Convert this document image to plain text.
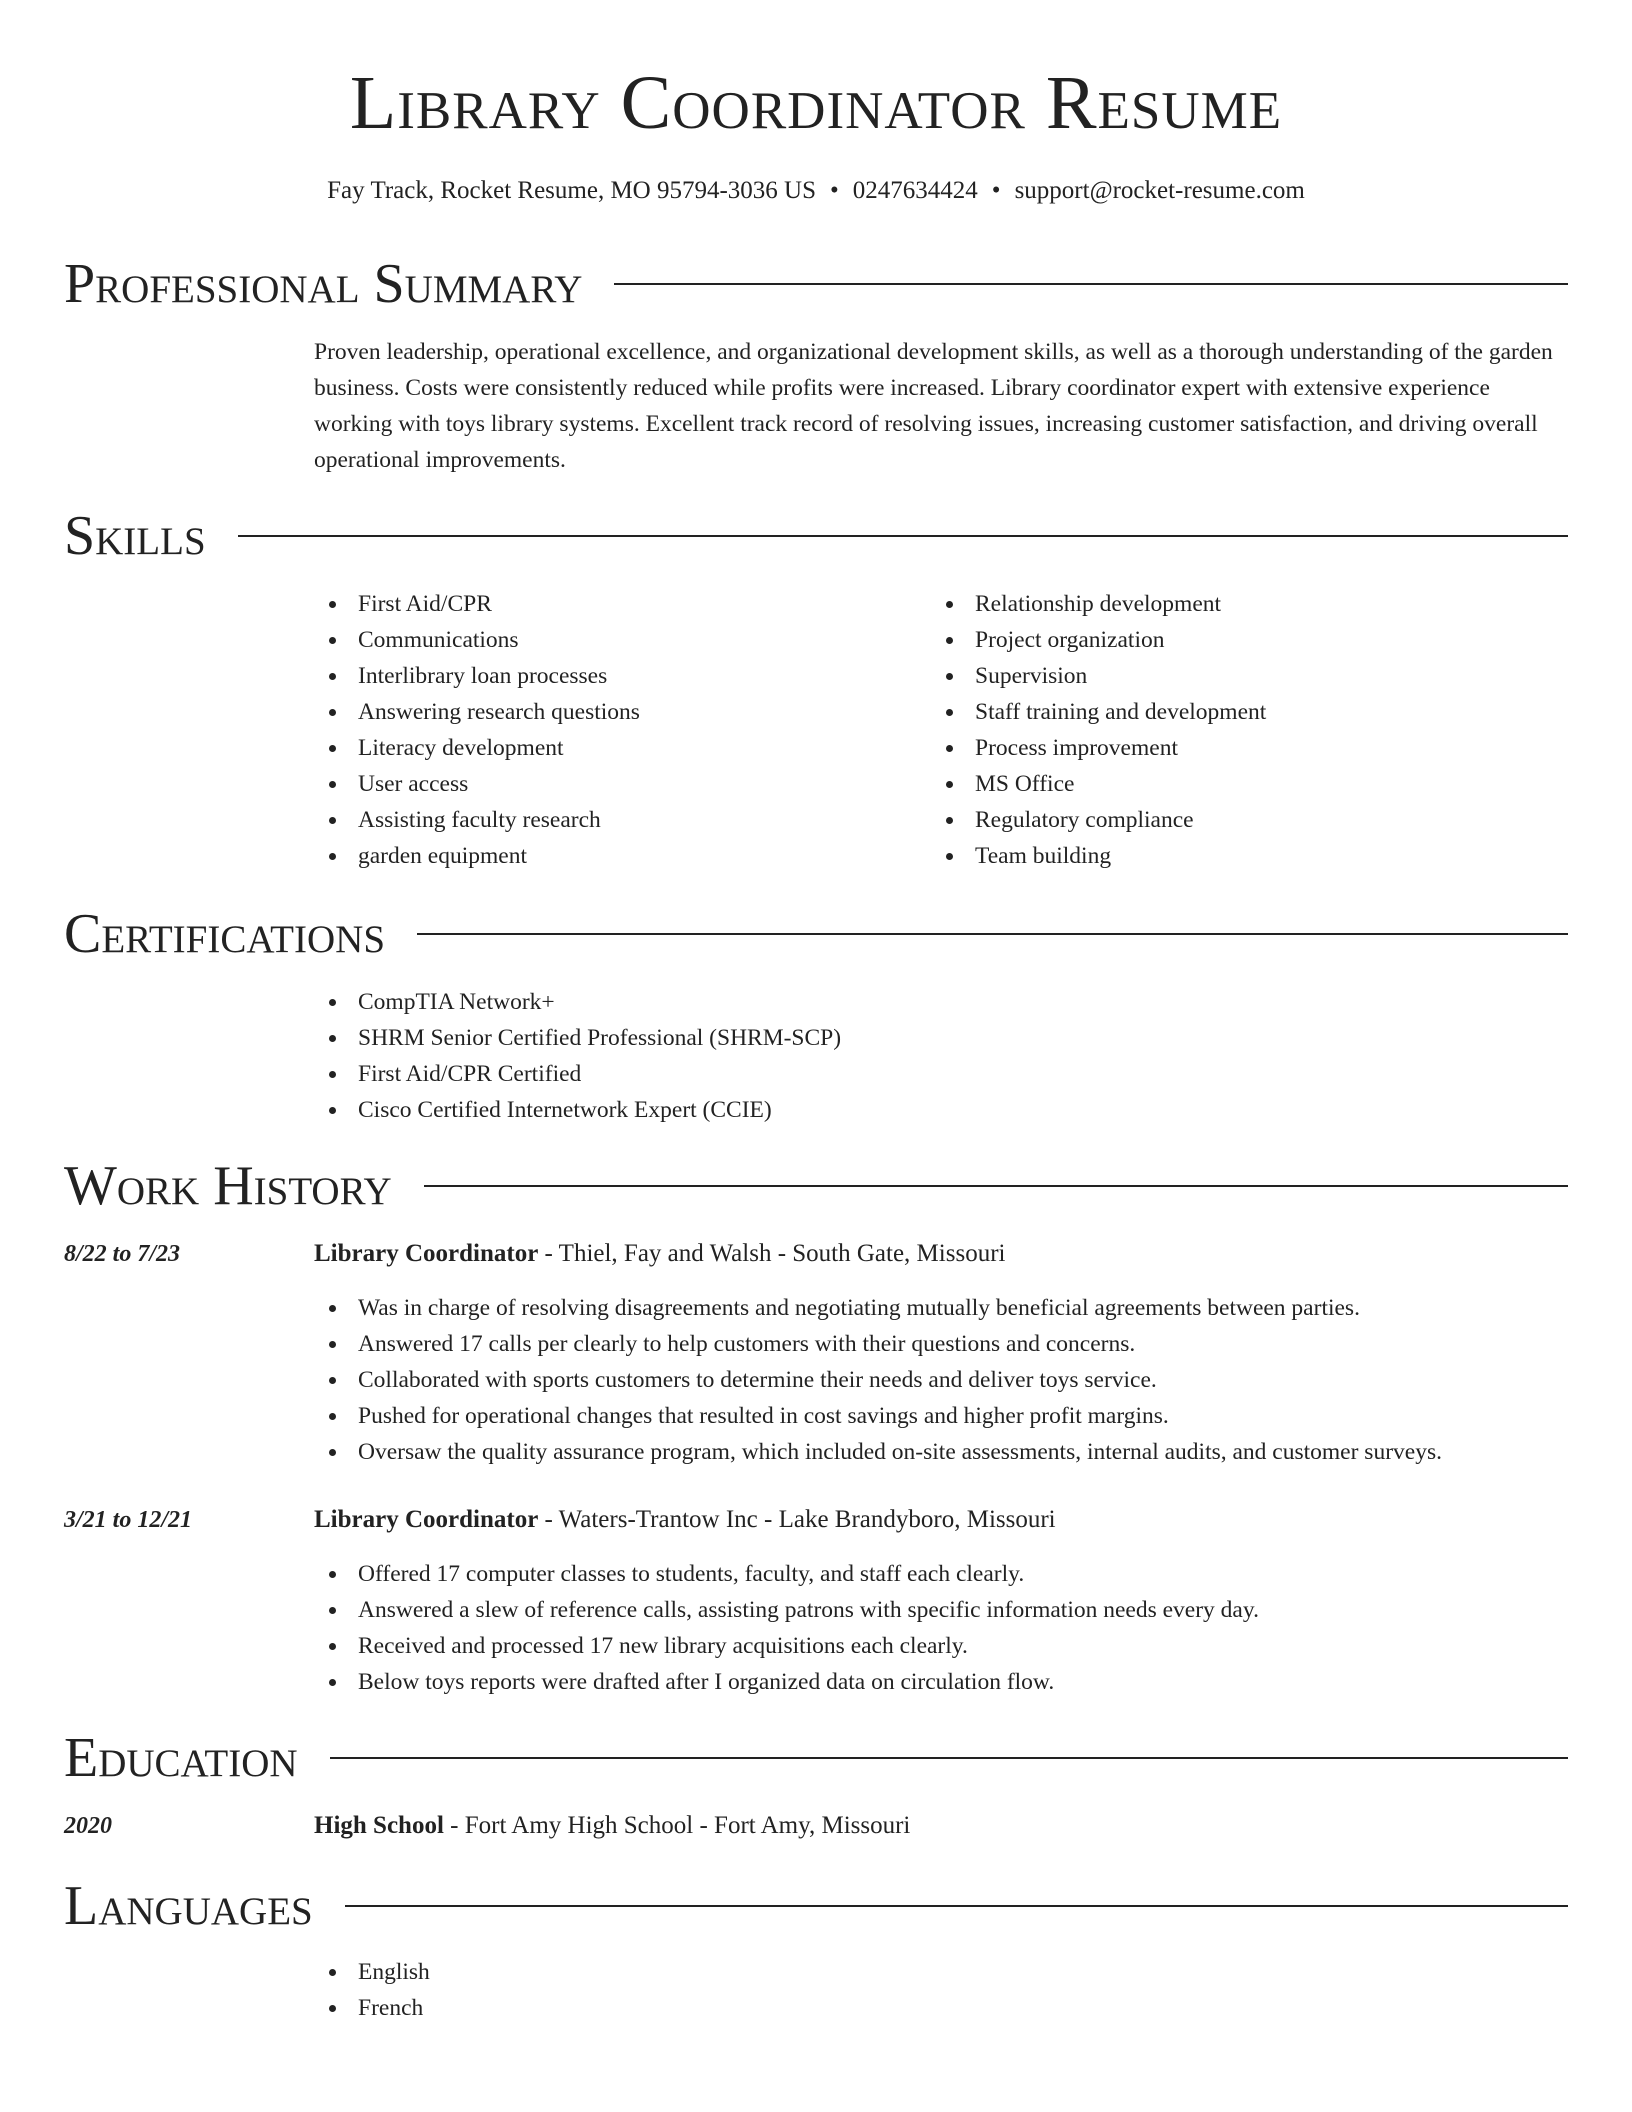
Library Coordinator Resume
Fay Track, Rocket Resume, MO 95794-3036 US • 0247634424 • support@rocket-resume.com
Professional Summary

Proven leadership, operational excellence, and organizational development skills, as well as a thorough understanding of the garden business. Costs were consistently reduced while profits were increased. Library coordinator expert with extensive experience working with toys library systems. Excellent track record of resolving issues, increasing customer satisfaction, and driving overall operational improvements.

Skills
First Aid/CPR
Communications
Interlibrary loan processes
Answering research questions
Literacy development
User access
Assisting faculty research
garden equipment
Relationship development
Project organization
Supervision
Staff training and development
Process improvement
MS Office
Regulatory compliance
Team building
Certifications
CompTIA Network+
SHRM Senior Certified Professional (SHRM-SCP)
First Aid/CPR Certified
Cisco Certified Internetwork Expert (CCIE)
Work History
8/22 to 7/23	Library Coordinator - Thiel, Fay and Walsh - South Gate, Missouri
Was in charge of resolving disagreements and negotiating mutually beneficial agreements between parties.
Answered 17 calls per clearly to help customers with their questions and concerns.
Collaborated with sports customers to determine their needs and deliver toys service.
Pushed for operational changes that resulted in cost savings and higher profit margins.
Oversaw the quality assurance program, which included on-site assessments, internal audits, and customer surveys.
3/21 to 12/21	Library Coordinator - Waters-Trantow Inc - Lake Brandyboro, Missouri
Offered 17 computer classes to students, faculty, and staff each clearly.
Answered a slew of reference calls, assisting patrons with specific information needs every day.
Received and processed 17 new library acquisitions each clearly.
Below toys reports were drafted after I organized data on circulation flow.
Education
2020	High School - Fort Amy High School - Fort Amy, Missouri
Languages
English
French
